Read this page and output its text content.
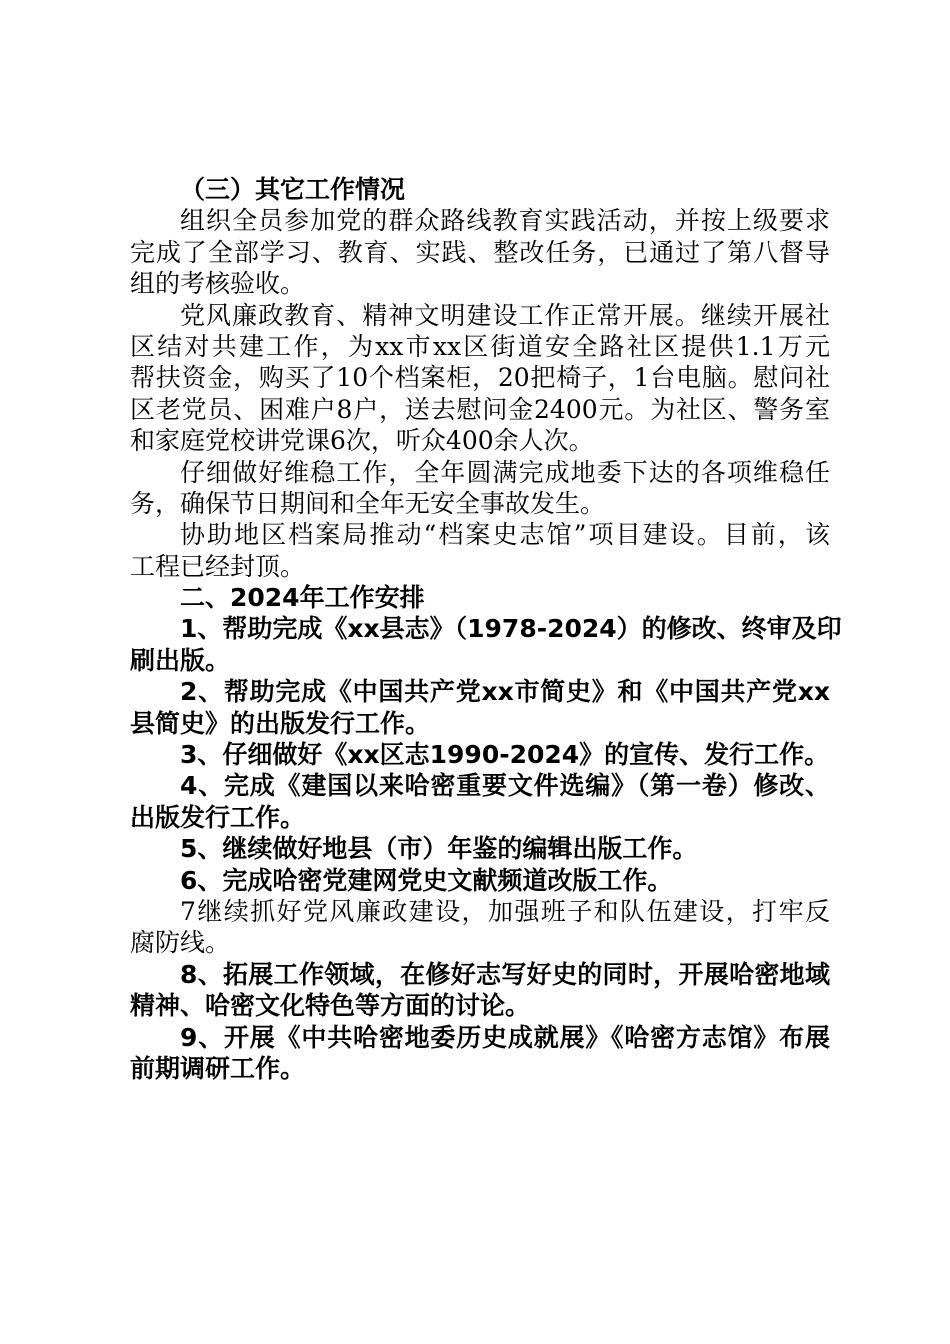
（三）其它工作情况
组织全员参加党的群众路线教育实践活动，并按上级要求
完成了全部学习、教育、实践、整改任务，已通过了第八督导
组的考核验收。
党风廉政教育、精神文明建设工作正常开展。继续开展社
区结对共建工作，为xx市xx区街道安全路社区提供1.1万元
帮扶资金，购买了10个档案柜，20把椅子，1台电脑。慰问社
区老党员、困难户8户，送去慰问金2400元。为社区、警务室
和家庭党校讲党课6次，听众400余人次。
仔细做好维稳工作，全年圆满完成地委下达的各项维稳任
务，确保节日期间和全年无安全事故发生。
协助地区档案局推动“档案史志馆”项目建设。目前，该
工程已经封顶。
二、2024年工作安排
1、帮助完成《xx县志》（1978-2024）的修改、终审及印
刷出版。
2、帮助完成《中国共产党xx市简史》和《中国共产党xx
县简史》的出版发行工作。
3、仔细做好《xx区志1990-2024》的宣传、发行工作。
4、完成《建国以来哈密重要文件选编》（第一卷）修改、
出版发行工作。
5、继续做好地县（市）年鉴的编辑出版工作。
6、完成哈密党建网党史文献频道改版工作。
7继续抓好党风廉政建设，加强班子和队伍建设，打牢反
腐防线。
8、拓展工作领域，在修好志写好史的同时，开展哈密地域
精神、哈密文化特色等方面的讨论。
9、开展《中共哈密地委历史成就展》《哈密方志馆》布展
前期调研工作。
